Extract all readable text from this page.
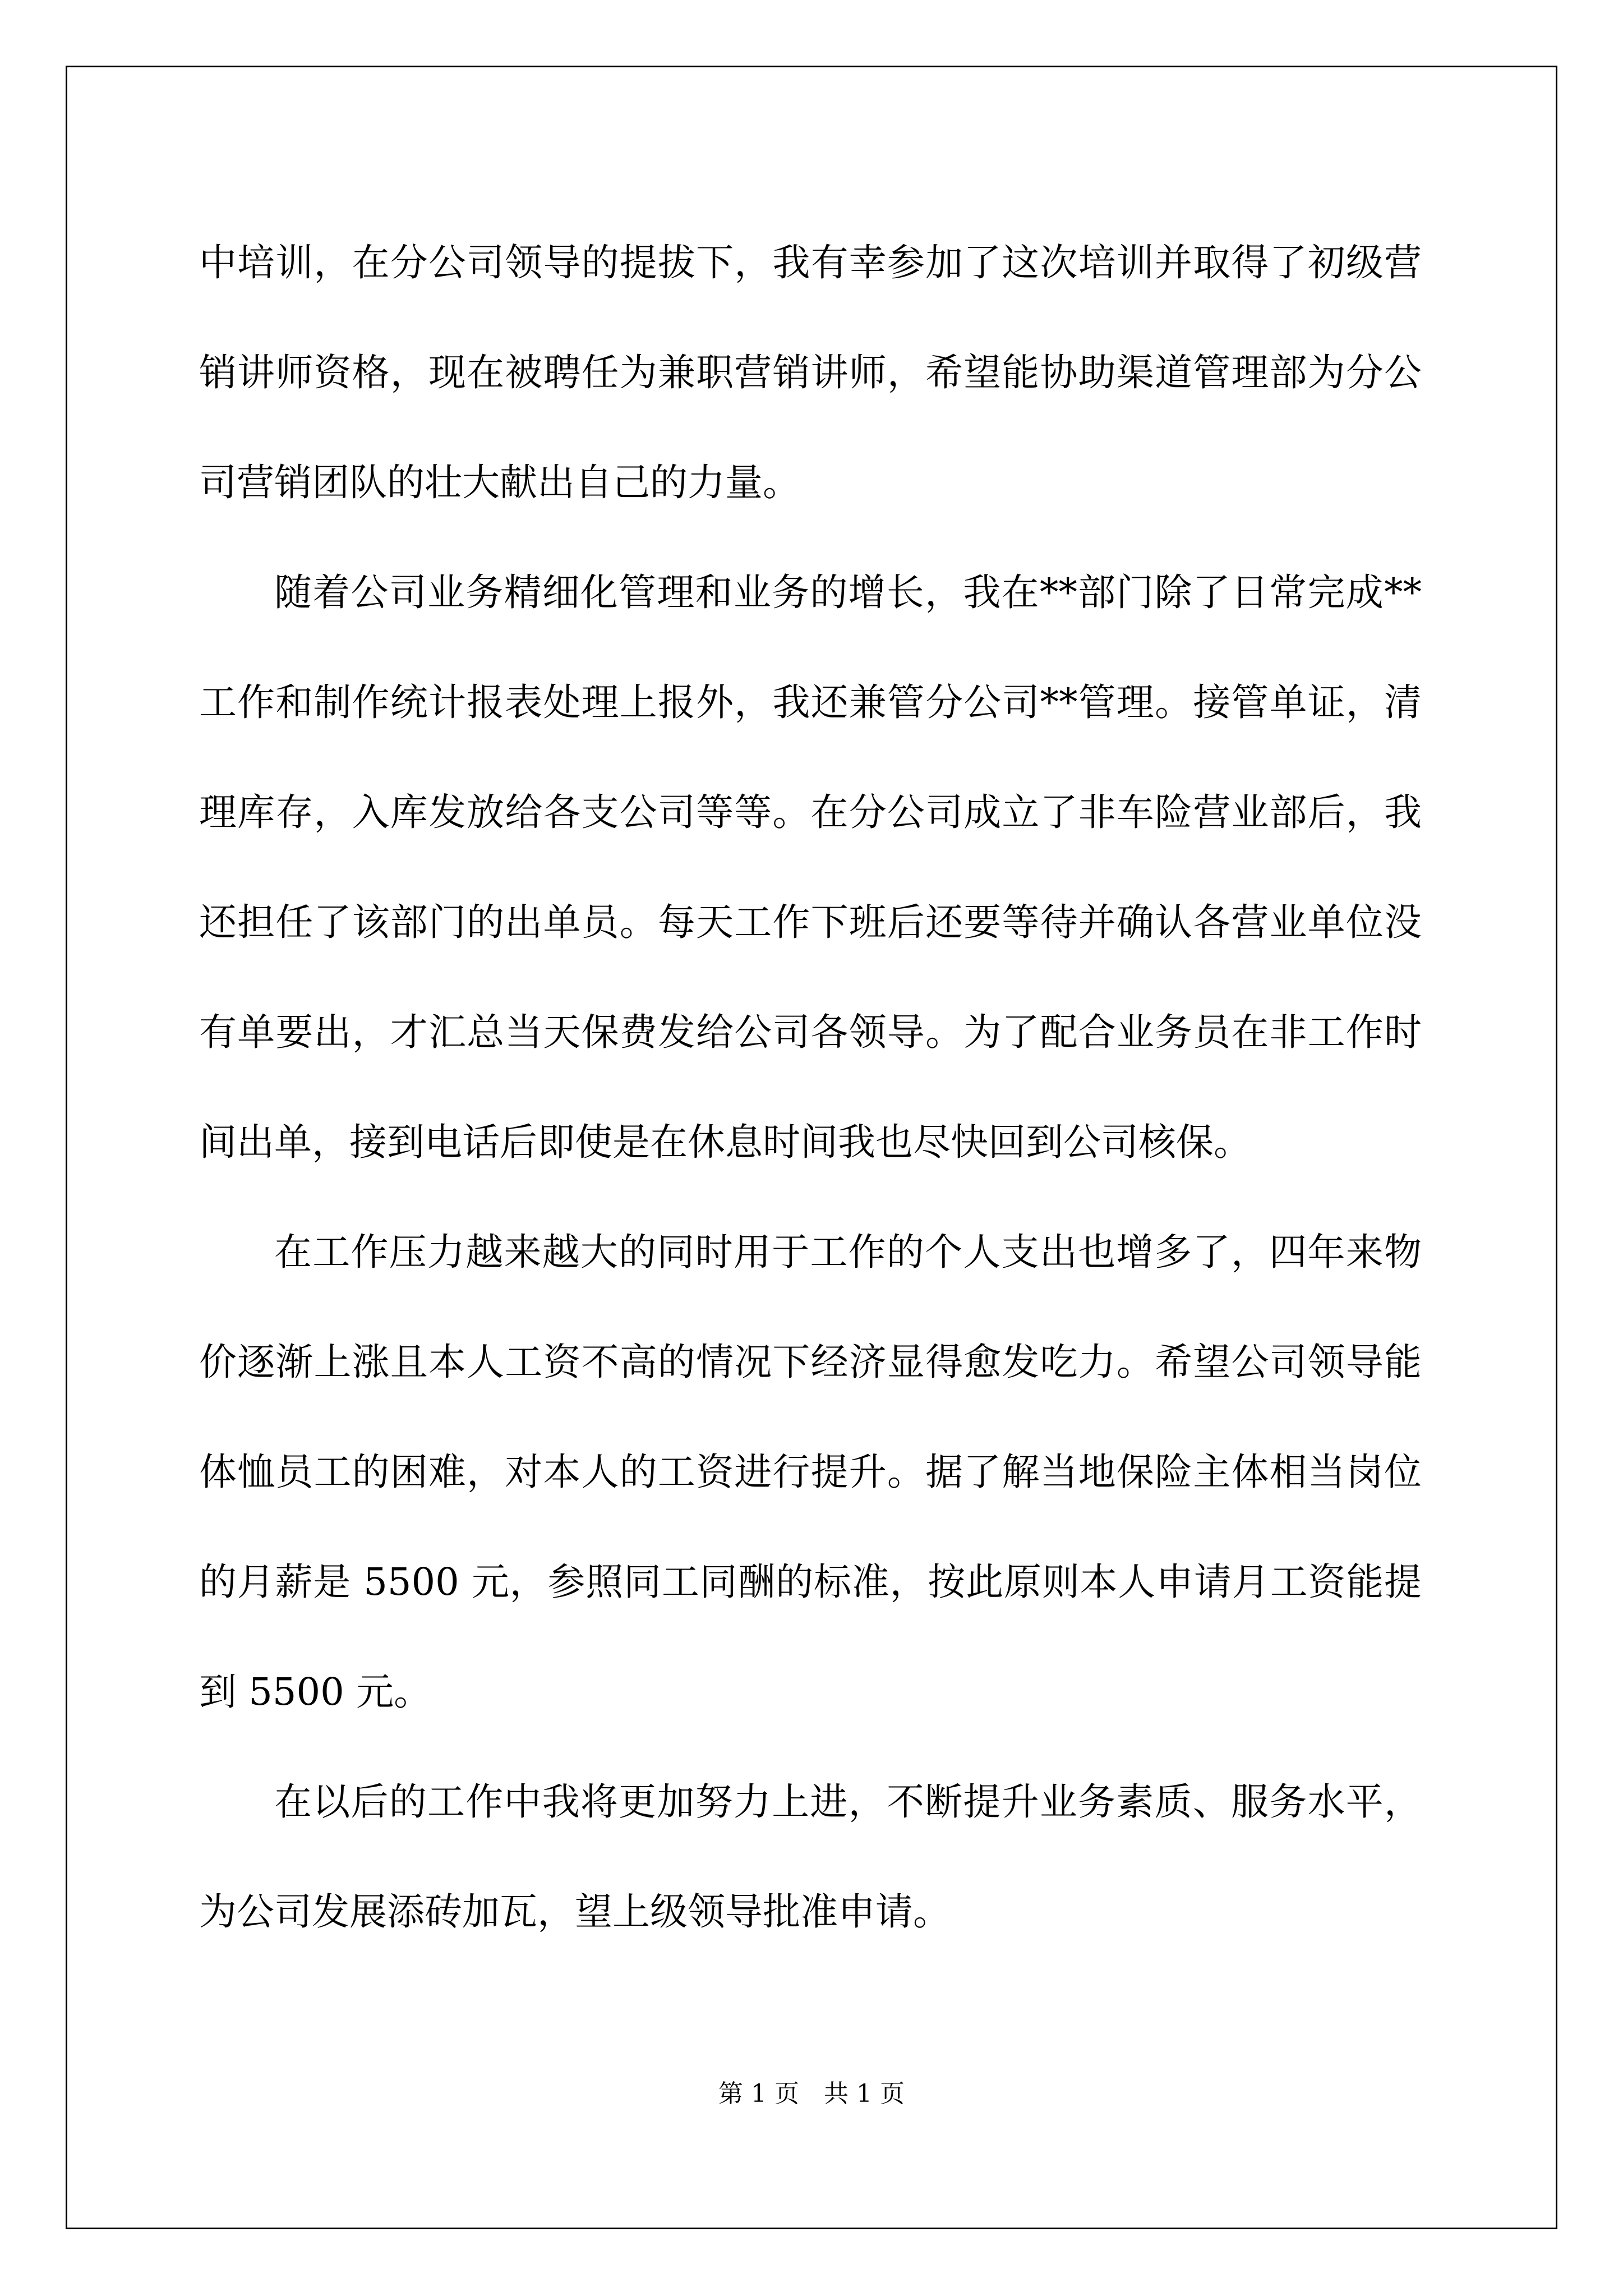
中培训，在分公司领导的提拔下，我有幸参加了这次培训并取得了初级营销讲师资格，现在被聘任为兼职营销讲师，希望能协助渠道管理部为分公司营销团队的壮大献出自己的力量。

随着公司业务精细化管理和业务的增长，我在**部门除了日常完成**工作和制作统计报表处理上报外，我还兼管分公司**管理。接管单证，清理库存，入库发放给各支公司等等。在分公司成立了非车险营业部后，我还担任了该部门的出单员。每天工作下班后还要等待并确认各营业单位没有单要出，才汇总当天保费发给公司各领导。为了配合业务员在非工作时间出单，接到电话后即使是在休息时间我也尽快回到公司核保。

在工作压力越来越大的同时用于工作的个人支出也增多了，四年来物价逐渐上涨且本人工资不高的情况下经济显得愈发吃力。希望公司领导能体恤员工的困难，对本人的工资进行提升。据了解当地保险主体相当岗位的月薪是 5500 元，参照同工同酬的标准，按此原则本人申请月工资能提到 5500 元。

在以后的工作中我将更加努力上进，不断提升业务素质、服务水平，为公司发展添砖加瓦，望上级领导批准申请。

第 1 页　共 1 页
